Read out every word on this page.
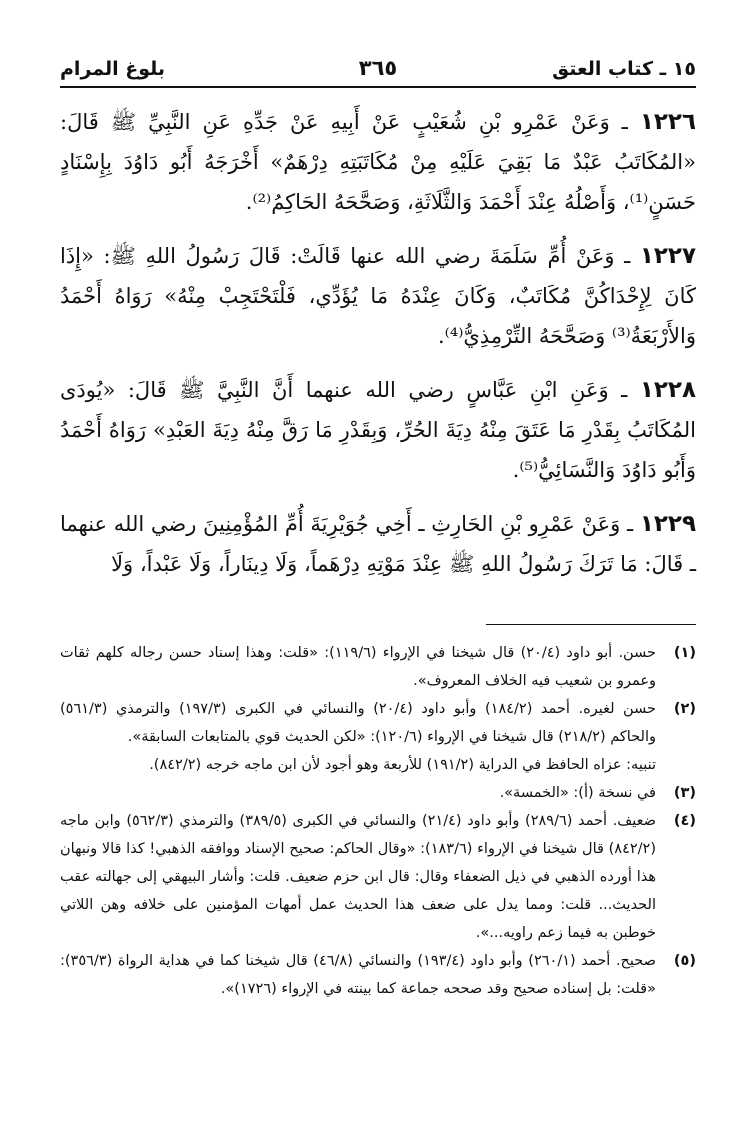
١٥ ـ كتاب العتق
٣٦٥
بلوغ المرام

١٢٢٦ ـ وَعَنْ عَمْرِو بْنِ شُعَيْبٍ عَنْ أَبِيهِ عَنْ جَدِّهِ عَنِ النَّبِيِّ ﷺ قَالَ: «المُكَاتَبُ عَبْدٌ مَا بَقِيَ عَلَيْهِ مِنْ مُكَاتَبَتِهِ دِرْهَمٌ» أَخْرَجَهُ أَبُو دَاوُدَ بِإِسْنَادٍ حَسَنٍ⁽¹⁾، وَأَصْلُهُ عِنْدَ أَحْمَدَ وَالثَّلَاثَةِ، وَصَحَّحَهُ الحَاكِمُ⁽²⁾.

١٢٢٧ ـ وَعَنْ أُمِّ سَلَمَةَ رضي الله عنها قَالَتْ: قَالَ رَسُولُ اللهِ ﷺ: «إِذَا كَانَ لِإِحْدَاكُنَّ مُكَاتَبٌ، وَكَانَ عِنْدَهُ مَا يُؤَدِّي، فَلْتَحْتَجِبْ مِنْهُ» رَوَاهُ أَحْمَدُ وَالأَرْبَعَةُ⁽³⁾ وَصَحَّحَهُ التِّرْمِذِيُّ⁽⁴⁾.

١٢٢٨ ـ وَعَنِ ابْنِ عَبَّاسٍ رضي الله عنهما أَنَّ النَّبِيَّ ﷺ قَالَ: «يُودَى المُكَاتَبُ بِقَدْرِ مَا عَتَقَ مِنْهُ دِيَةَ الحُرِّ، وَبِقَدْرِ مَا رَقَّ مِنْهُ دِيَةَ العَبْدِ» رَوَاهُ أَحْمَدُ وَأَبُو دَاوُدَ وَالنَّسَائِيُّ⁽⁵⁾.

١٢٢٩ ـ وَعَنْ عَمْرِو بْنِ الحَارِثِ ـ أَخِي جُوَيْرِيَةَ أُمِّ المُؤْمِنِينَ رضي الله عنهما ـ قَالَ: مَا تَرَكَ رَسُولُ اللهِ ﷺ عِنْدَ مَوْتِهِ دِرْهَماً، وَلَا دِينَاراً، وَلَا عَبْداً، وَلَا

(١)
حسن. أبو داود (٢٠/٤) قال شيخنا في الإرواء (١١٩/٦): «قلت: وهذا إسناد حسن رجاله كلهم ثقات وعمرو بن شعيب فيه الخلاف المعروف».
(٢)
حسن لغيره. أحمد (١٨٤/٢) وأبو داود (٢٠/٤) والنسائي في الكبرى (١٩٧/٣) والترمذي (٥٦١/٣) والحاكم (٢١٨/٢) قال شيخنا في الإرواء (١٢٠/٦): «لكن الحديث قوي بالمتابعات السابقة».
تنبيه: عزاه الحافظ في الدراية (١٩١/٢) للأربعة وهو أجود لأن ابن ماجه خرجه (٨٤٢/٢).
(٣)
في نسخة (أ): «الخمسة».
(٤)
ضعيف. أحمد (٢٨٩/٦) وأبو داود (٢١/٤) والنسائي في الكبرى (٣٨٩/٥) والترمذي (٥٦٢/٣) وابن ماجه (٨٤٢/٢) قال شيخنا في الإرواء (١٨٣/٦): «وقال الحاكم: صحيح الإسناد ووافقه الذهبي! كذا قالا ونبهان هذا أورده الذهبي في ذيل الضعفاء وقال: قال ابن حزم ضعيف. قلت: وأشار البيهقي إلى جهالته عقب الحديث... قلت: ومما يدل على ضعف هذا الحديث عمل أمهات المؤمنين على خلافه وهن اللاتي خوطبن به فيما زعم راويه...».
(٥)
صحيح. أحمد (٢٦٠/١) وأبو داود (١٩٣/٤) والنسائي (٤٦/٨) قال شيخنا كما في هداية الرواة (٣٥٦/٣): «قلت: بل إسناده صحيح وقد صححه جماعة كما بينته في الإرواء (١٧٢٦)».
